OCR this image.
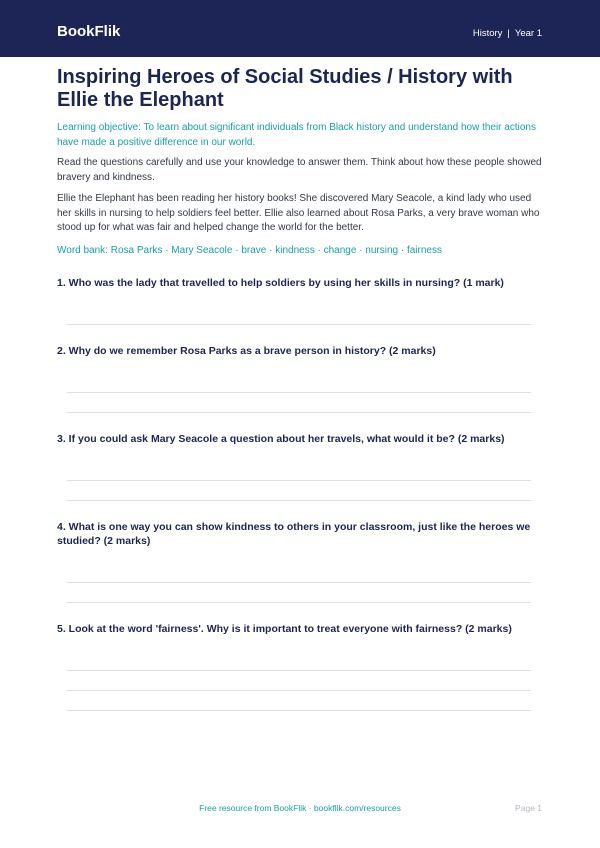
BookFlik	History | Year 1
Inspiring Heroes of Social Studies / History with Ellie the Elephant

Learning objective: To learn about significant individuals from Black history and understand how their actions have made a positive difference in our world.

Read the questions carefully and use your knowledge to answer them. Think about how these people showed bravery and kindness.

Ellie the Elephant has been reading her history books! She discovered Mary Seacole, a kind lady who used her skills in nursing to help soldiers feel better. Ellie also learned about Rosa Parks, a very brave woman who stood up for what was fair and helped change the world for the better.

Word bank: Rosa Parks · Mary Seacole · brave · kindness · change · nursing · fairness

1. Who was the lady that travelled to help soldiers by using her skills in nursing? (1 mark)

2. Why do we remember Rosa Parks as a brave person in history? (2 marks)

3. If you could ask Mary Seacole a question about her travels, what would it be? (2 marks)

4. What is one way you can show kindness to others in your classroom, just like the heroes we studied? (2 marks)

5. Look at the word 'fairness'. Why is it important to treat everyone with fairness? (2 marks)

Free resource from BookFlik · bookflik.com/resources	Page 1
